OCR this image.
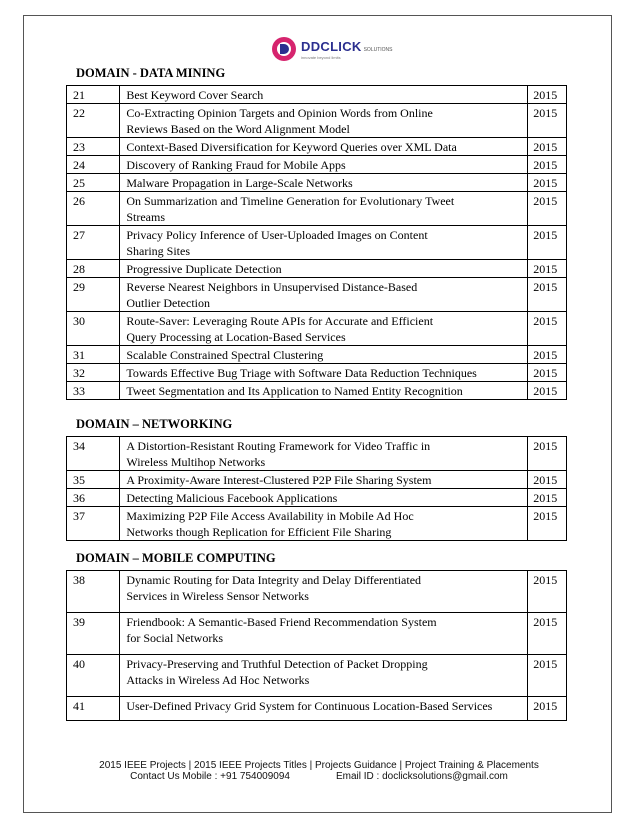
DDCLICK SOLUTIONS
innovate beyond limits
DOMAIN - DATA MINING
21	Best Keyword Cover Search	2015
22	Co-Extracting Opinion Targets and Opinion Words from Online
Reviews Based on the Word Alignment Model	2015
23	Context-Based Diversification for Keyword Queries over XML Data	2015
24	Discovery of Ranking Fraud for Mobile Apps	2015
25	Malware Propagation in Large-Scale Networks	2015
26	On Summarization and Timeline Generation for Evolutionary Tweet
Streams	2015
27	Privacy Policy Inference of User-Uploaded Images on Content
Sharing Sites	2015
28	Progressive Duplicate Detection	2015
29	Reverse Nearest Neighbors in Unsupervised Distance-Based
Outlier Detection	2015
30	Route-Saver: Leveraging Route APIs for Accurate and Efficient
Query Processing at Location-Based Services	2015
31	Scalable Constrained Spectral Clustering	2015
32	Towards Effective Bug Triage with Software Data Reduction Techniques	2015
33	Tweet Segmentation and Its Application to Named Entity Recognition	2015
DOMAIN – NETWORKING
34	A Distortion-Resistant Routing Framework for Video Traffic in
Wireless Multihop Networks	2015
35	A Proximity-Aware Interest-Clustered P2P File Sharing System	2015
36	Detecting Malicious Facebook Applications	2015
37	Maximizing P2P File Access Availability in Mobile Ad Hoc
Networks though Replication for Efficient File Sharing	2015
DOMAIN – MOBILE COMPUTING
38	Dynamic Routing for Data Integrity and Delay Differentiated
Services in Wireless Sensor Networks	2015
39	Friendbook: A Semantic-Based Friend Recommendation System
for Social Networks	2015
40	Privacy-Preserving and Truthful Detection of Packet Dropping
Attacks in Wireless Ad Hoc Networks	2015
41	User-Defined Privacy Grid System for Continuous Location-Based Services	2015
2015 IEEE Projects | 2015 IEEE Projects Titles | Projects Guidance | Project Training & Placements
Contact Us Mobile : +91 754009094	Email ID : doclicksolutions@gmail.com
